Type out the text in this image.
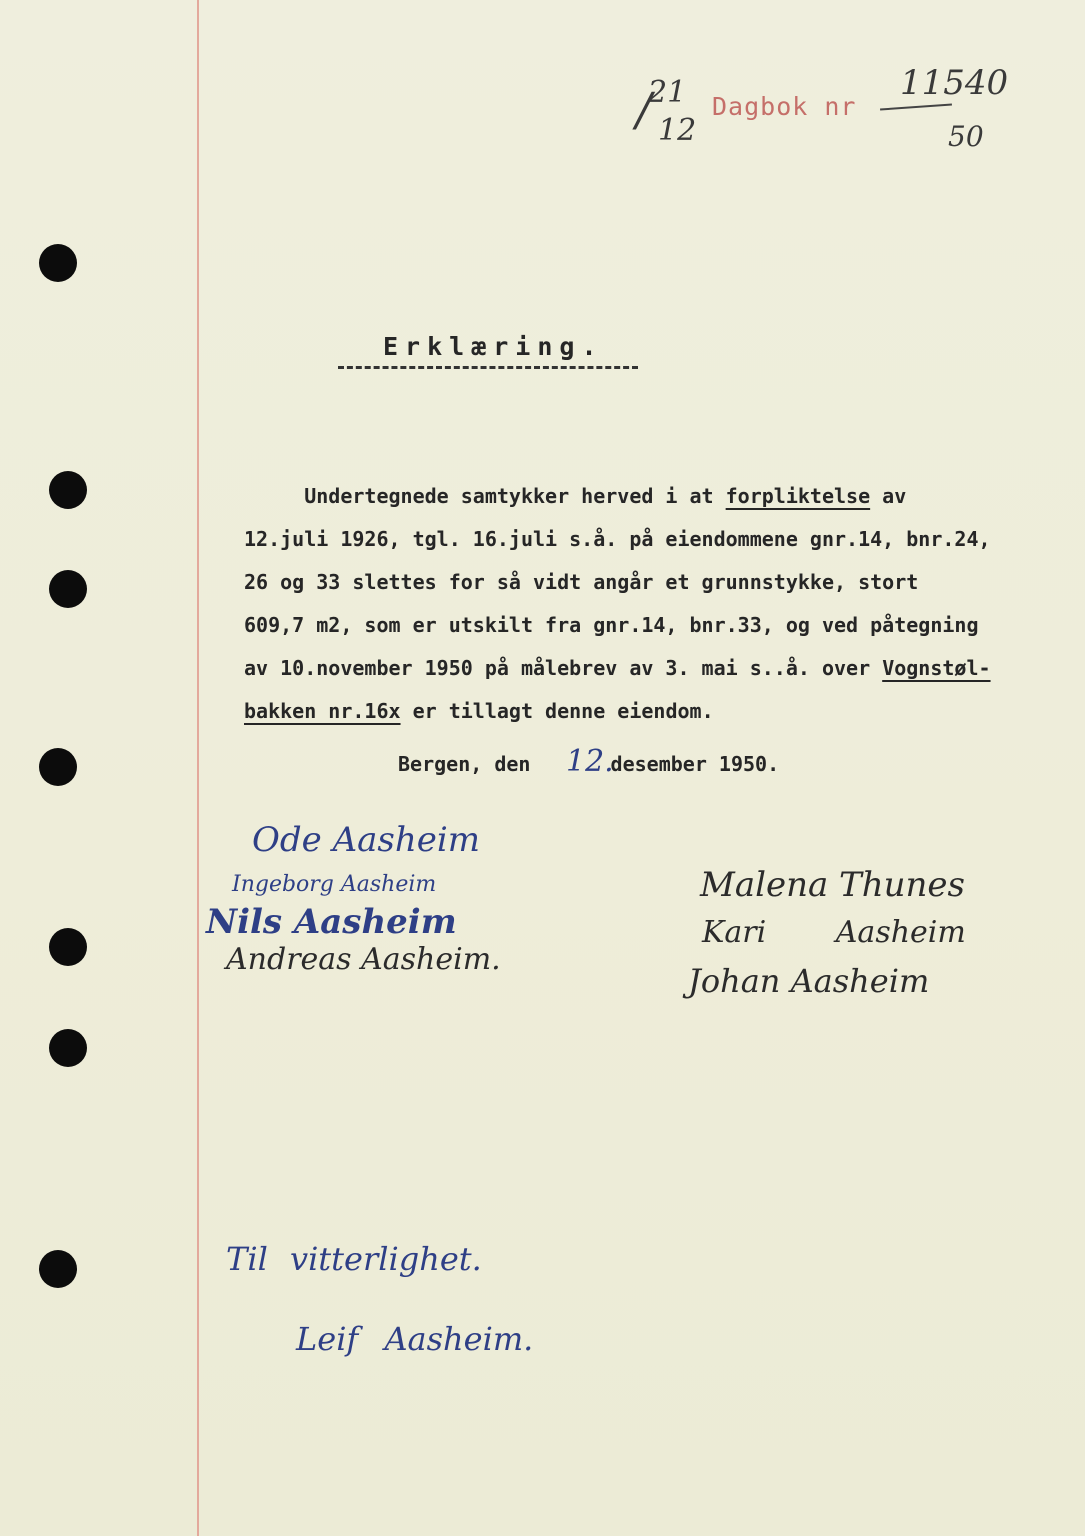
21
/ 12
Dagbok nr
11540
50
Erklæring.
Undertegnede samtykker herved i at forpliktelse av
12.juli 1926, tgl. 16.juli s.å. på eiendommene gnr.14, bnr.24,
26 og 33 slettes for så vidt angår et grunnstykke, stort
609,7 m2, som er utskilt fra gnr.14, bnr.33, og ved påtegning
av 10.november 1950 på målebrev av 3. mai s..å. over Vognstøl-
bakken nr.16x er tillagt denne eiendom.
Bergen, den	desember 1950.
12.
Ode Aasheim
Ingeborg Aasheim
Nils Aasheim
Andreas Aasheim.
Malena Thunes
Kari Aasheim
Johan Aasheim
Til vitterlighet.
Leif Aasheim.
